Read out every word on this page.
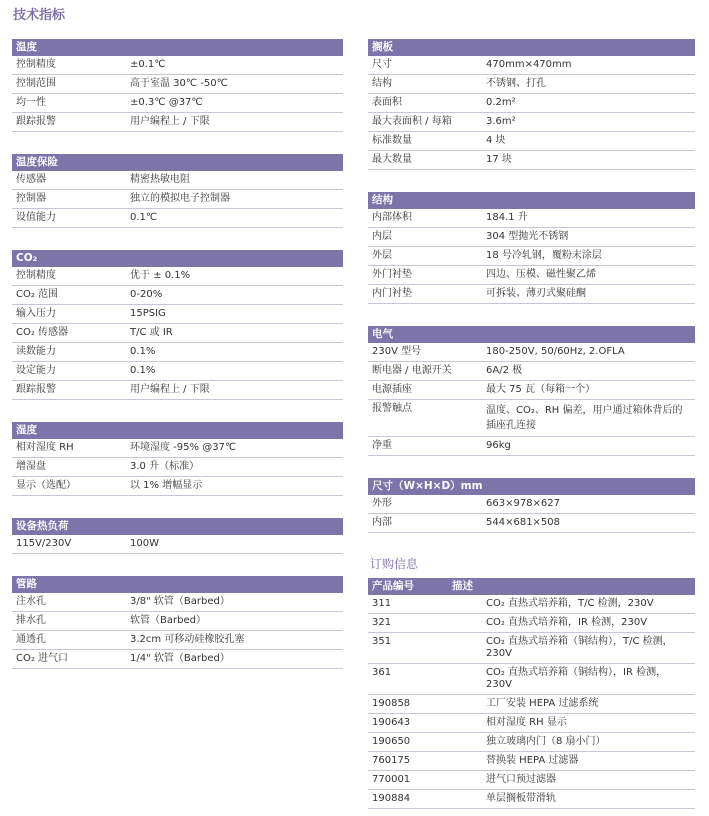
技术指标
温度
控制精度	±0.1℃
控制范围	高于室温 30℃ -50℃
均一性	±0.3℃ @37℃
跟踪报警	用户编程上 / 下限
温度保险
传感器	精密热敏电阻
控制器	独立的模拟电子控制器
设值能力	0.1℃
CO₂
控制精度	优于 ± 0.1%
CO₂ 范围	0-20%
输入压力	15PSIG
CO₂ 传感器	T/C 或 IR
读数能力	0.1%
设定能力	0.1%
跟踪报警	用户编程上 / 下限
湿度
相对湿度 RH	环境湿度 -95% @37℃
增湿盘	3.0 升（标准）
显示（选配）	以 1% 增幅显示
设备热负荷
115V/230V	100W
管路
注水孔	3/8" 软管（Barbed）
排水孔	软管（Barbed）
通透孔	3.2cm 可移动硅橡胶孔塞
CO₂ 进气口	1/4" 软管（Barbed）
搁板
尺寸	470mm×470mm
结构	不锈钢、打孔
表面积	0.2m²
最大表面积 / 每箱	3.6m²
标准数量	4 块
最大数量	17 块
结构
内部体积	184.1 升
内层	304 型抛光不锈钢
外层	18 号冷轧钢，覆粉末涂层
外门衬垫	四边、压模、磁性聚乙烯
内门衬垫	可拆装、薄刃式聚硅酮
电气
230V 型号	180-250V, 50/60Hz, 2.OFLA
断电器 / 电源开关	6A/2 极
电源插座	最大 75 瓦（每箱一个）
报警触点	温度、CO₂、RH 偏差，用户通过箱体背后的插座孔连接
净重	96kg
尺寸（W×H×D）mm
外形	663×978×627
内部	544×681×508
订购信息
产品编号	描述
311	CO₂ 直热式培养箱，T/C 检测，230V
321	CO₂ 直热式培养箱，IR 检测，230V
351	CO₂ 直热式培养箱（铜结构），T/C 检测，230V
361	CO₂ 直热式培养箱（铜结构），IR 检测，230V
190858	工厂安装 HEPA 过滤系统
190643	相对湿度 RH 显示
190650	独立玻璃内门（8 扇小门）
760175	替换装 HEPA 过滤器
770001	进气口预过滤器
190884	单层搁板带滑轨
